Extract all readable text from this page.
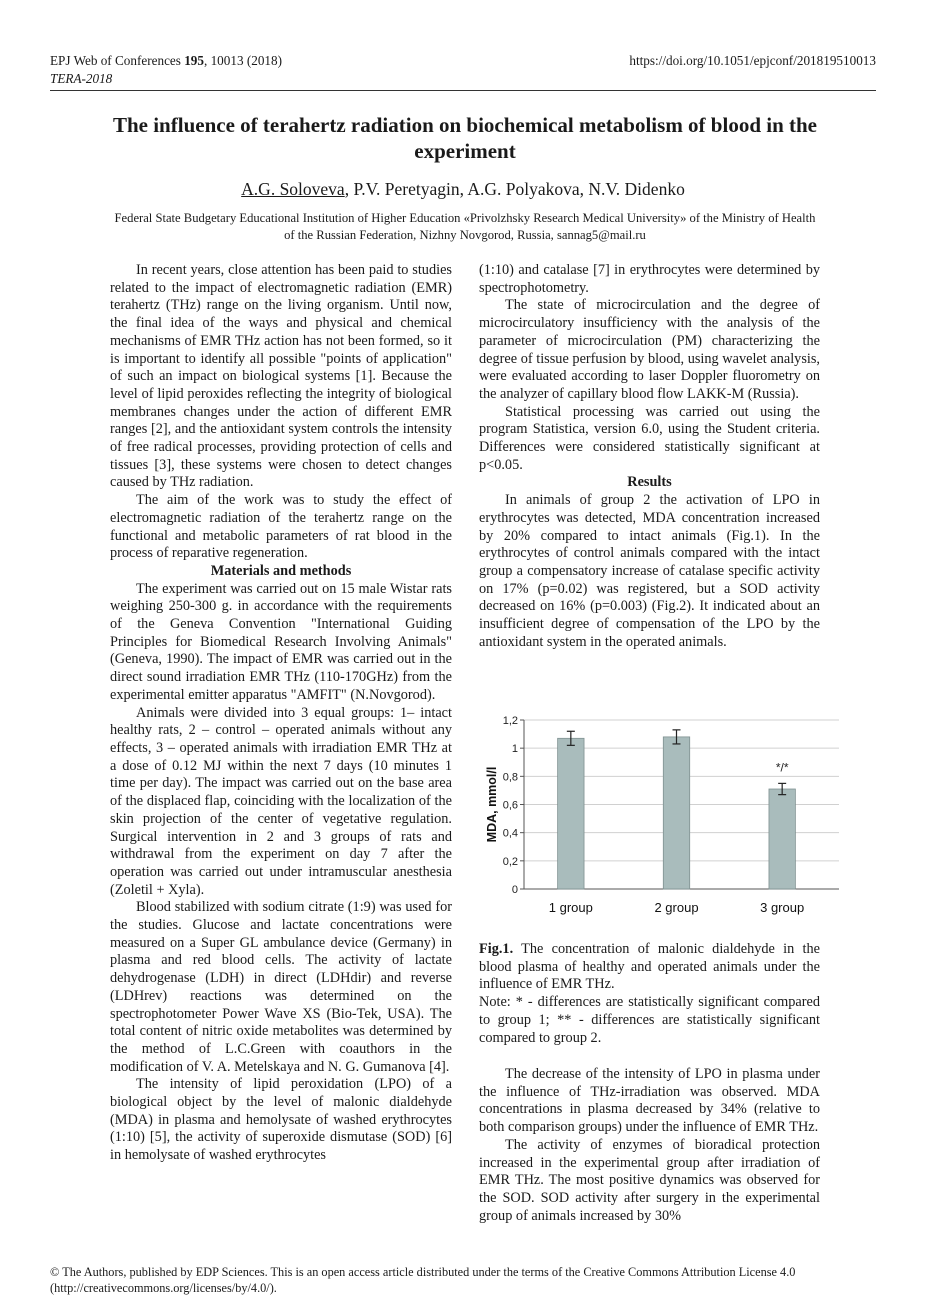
EPJ Web of Conferences 195, 10013 (2018)	https://doi.org/10.1051/epjconf/201819510013
TERA-2018
The influence of terahertz radiation on biochemical metabolism of blood in the experiment
A.G. Soloveva, P.V. Peretyagin, A.G. Polyakova, N.V. Didenko
Federal State Budgetary Educational Institution of Higher Education «Privolzhsky Research Medical University» of the Ministry of Health of the Russian Federation, Nizhny Novgorod, Russia, sannag5@mail.ru

In recent years, close attention has been paid to studies related to the impact of electromagnetic radiation (EMR) terahertz (THz) range on the living organism. Until now, the final idea of the ways and physical and chemical mechanisms of EMR THz action has not been formed, so it is important to identify all possible "points of application" of such an impact on biological systems [1]. Because the level of lipid peroxides reflecting the integrity of biological membranes changes under the action of different EMR ranges [2], and the antioxidant system controls the intensity of free radical processes, providing protection of cells and tissues [3], these systems were chosen to detect changes caused by THz radiation.

The aim of the work was to study the effect of electromagnetic radiation of the terahertz range on the functional and metabolic parameters of rat blood in the process of reparative regeneration.

Materials and methods

The experiment was carried out on 15 male Wistar rats weighing 250-300 g. in accordance with the requirements of the Geneva Convention "International Guiding Principles for Biomedical Research Involving Animals" (Geneva, 1990). The impact of EMR was carried out in the direct sound irradiation EMR THz (110-170GHz) from the experimental emitter apparatus "AMFIT" (N.Novgorod).

Animals were divided into 3 equal groups: 1– intact healthy rats, 2 – control – operated animals without any effects, 3 – operated animals with irradiation EMR THz at a dose of 0.12 MJ within the next 7 days (10 minutes 1 time per day). The impact was carried out on the base area of the displaced flap, coinciding with the localization of the skin projection of the center of vegetative regulation. Surgical intervention in 2 and 3 groups of rats and withdrawal from the experiment on day 7 after the operation was carried out under intramuscular anesthesia (Zoletil + Xyla).

Blood stabilized with sodium citrate (1:9) was used for the studies. Glucose and lactate concentrations were measured on a Super GL ambulance device (Germany) in plasma and red blood cells. The activity of lactate dehydrogenase (LDH) in direct (LDHdir) and reverse (LDHrev) reactions was determined on the spectrophotometer Power Wave XS (Bio-Tek, USA). The total content of nitric oxide metabolites was determined by the method of L.C.Green with coauthors in the modification of V. A. Metelskaya and N. G. Gumanova [4].

The intensity of lipid peroxidation (LPO) of a biological object by the level of malonic dialdehyde (MDA) in plasma and hemolysate of washed erythrocytes (1:10) [5], the activity of superoxide dismutase (SOD) [6] in hemolysate of washed erythrocytes

(1:10) and catalase [7] in erythrocytes were determined by spectrophotometry.

The state of microcirculation and the degree of microcirculatory insufficiency with the analysis of the parameter of microcirculation (PM) characterizing the degree of tissue perfusion by blood, using wavelet analysis, were evaluated according to laser Doppler fluorometry on the analyzer of capillary blood flow LAKK-M (Russia).

Statistical processing was carried out using the program Statistica, version 6.0, using the Student criteria. Differences were considered statistically significant at p<0.05.

Results

In animals of group 2 the activation of LPO in erythrocytes was detected, MDA concentration increased by 20% compared to intact animals (Fig.1). In the erythrocytes of control animals compared with the intact group a compensatory increase of catalase specific activity on 17% (p=0.02) was registered, but a SOD activity decreased on 16% (p=0.003) (Fig.2). It indicated about an insufficient degree of compensation of the LPO by the antioxidant system in the operated animals.

0
0,2
0,4
0,6
0,8
1
1,2
MDA, mmol/l
1 group	2 group	3 group
*/*
Fig.1. The concentration of malonic dialdehyde in the blood plasma of healthy and operated animals under the influence of EMR THz.
Note: * - differences are statistically significant compared to group 1; ** - differences are statistically significant compared to group 2.

The decrease of the intensity of LPO in plasma under the influence of THz-irradiation was observed. MDA concentrations in plasma decreased by 34% (relative to both comparison groups) under the influence of EMR THz.

The activity of enzymes of bioradical protection increased in the experimental group after irradiation of EMR THz. The most positive dynamics was observed for the SOD. SOD activity after surgery in the experimental group of animals increased by 30%

© The Authors, published by EDP Sciences. This is an open access article distributed under the terms of the Creative Commons Attribution License 4.0
(http://creativecommons.org/licenses/by/4.0/).
